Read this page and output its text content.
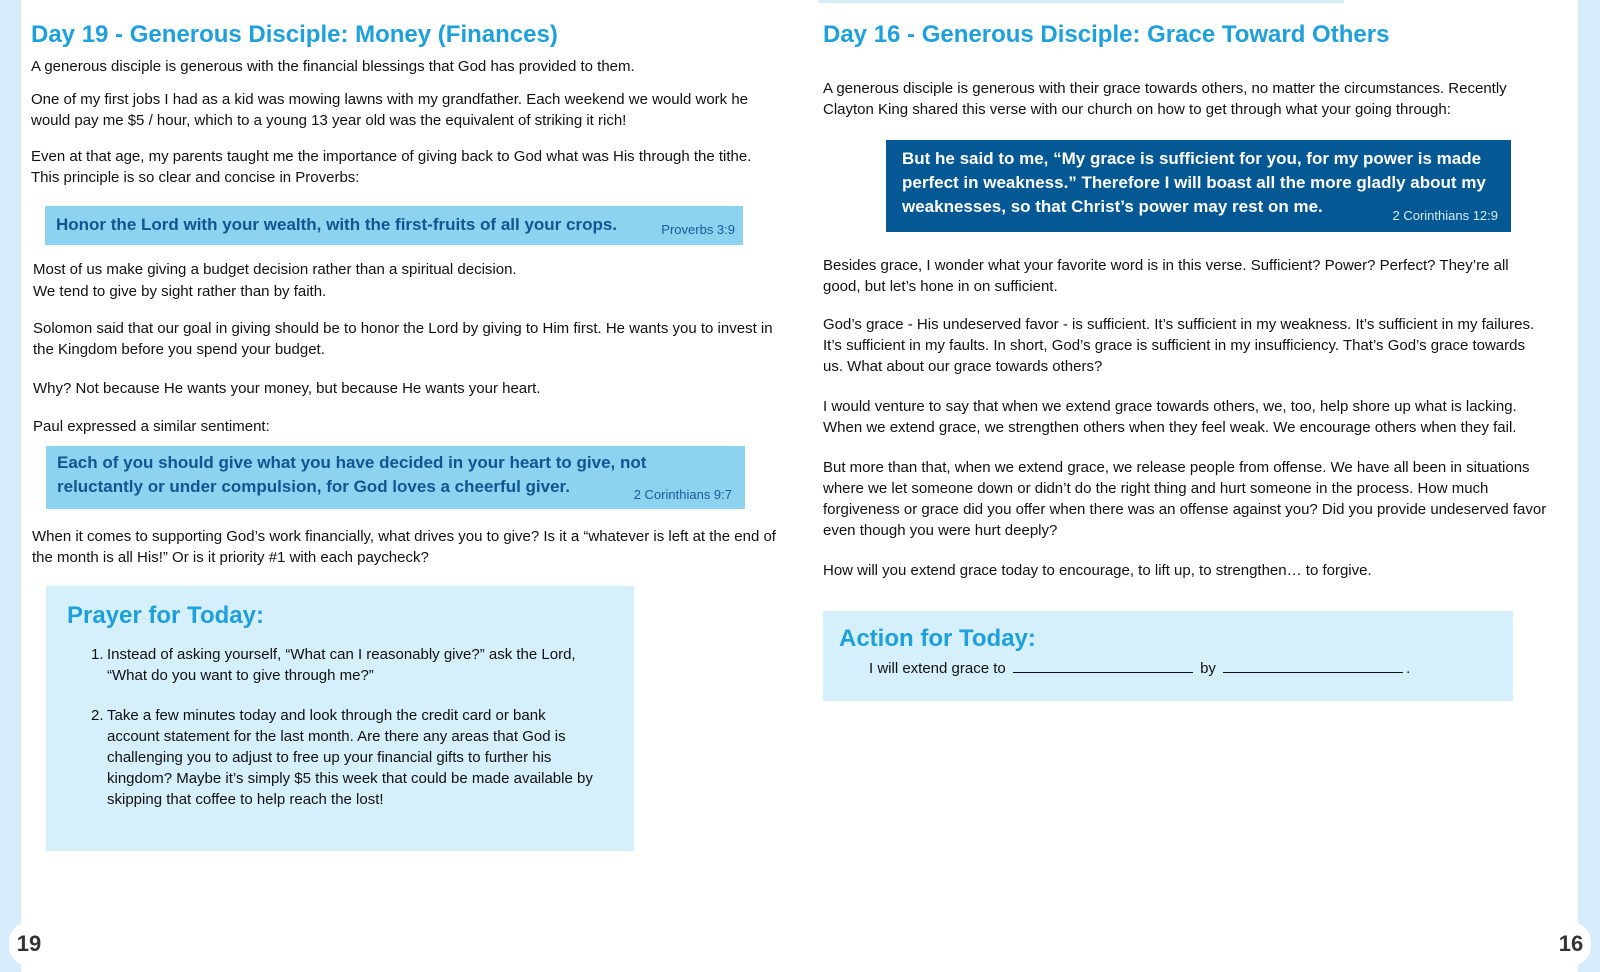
Day 19 - Generous Disciple: Money (Finances)

A generous disciple is generous with the financial blessings that God has provided to them.

One of my first jobs I had as a kid was mowing lawns with my grandfather. Each weekend we would work he would pay me $5 / hour, which to a young 13 year old was the equivalent of striking it rich!

Even at that age, my parents taught me the importance of giving back to God what was His through the tithe. This principle is so clear and concise in Proverbs:

Honor the Lord with your wealth, with the first-fruits of all your crops.	Proverbs 3:9

Most of us make giving a budget decision rather than a spiritual decision.

We tend to give by sight rather than by faith.

Solomon said that our goal in giving should be to honor the Lord by giving to Him first. He wants you to invest in the Kingdom before you spend your budget.

Why? Not because He wants your money, but because He wants your heart.

Paul expressed a similar sentiment:

Each of you should give what you have decided in your heart to give, not reluctantly or under compulsion, for God loves a cheerful giver.	2 Corinthians 9:7

When it comes to supporting God’s work financially, what drives you to give? Is it a “whatever is left at the end of the month is all His!” Or is it priority #1 with each paycheck?

Prayer for Today:
1. Instead of asking yourself, “What can I reasonably give?” ask the Lord, “What do you want to give through me?”
2. Take a few minutes today and look through the credit card or bank account statement for the last month. Are there any areas that God is challenging you to adjust to free up your financial gifts to further his kingdom? Maybe it’s simply $5 this week that could be made available by skipping that coffee to help reach the lost!
19
Day 16 - Generous Disciple: Grace Toward Others

A generous disciple is generous with their grace towards others, no matter the circumstances. Recently Clayton King shared this verse with our church on how to get through what your going through:

But he said to me, “My grace is sufficient for you, for my power is made perfect in weakness.” Therefore I will boast all the more gladly about my weaknesses, so that Christ’s power may rest on me.	2 Corinthians 12:9

Besides grace, I wonder what your favorite word is in this verse. Sufficient? Power? Perfect? They’re all good, but let’s hone in on sufficient.

God’s grace - His undeserved favor - is sufficient. It’s sufficient in my weakness. It’s sufficient in my failures. It’s sufficient in my faults. In short, God’s grace is sufficient in my insufficiency. That’s God’s grace towards us. What about our grace towards others?

I would venture to say that when we extend grace towards others, we, too, help shore up what is lacking. When we extend grace, we strengthen others when they feel weak. We encourage others when they fail.

But more than that, when we extend grace, we release people from offense. We have all been in situations where we let someone down or didn’t do the right thing and hurt someone in the process. How much forgiveness or grace did you offer when there was an offense against you? Did you provide undeserved favor even though you were hurt deeply?

How will you extend grace today to encourage, to lift up, to strengthen… to forgive.

Action for Today:
I will extend grace to	by	.
16
